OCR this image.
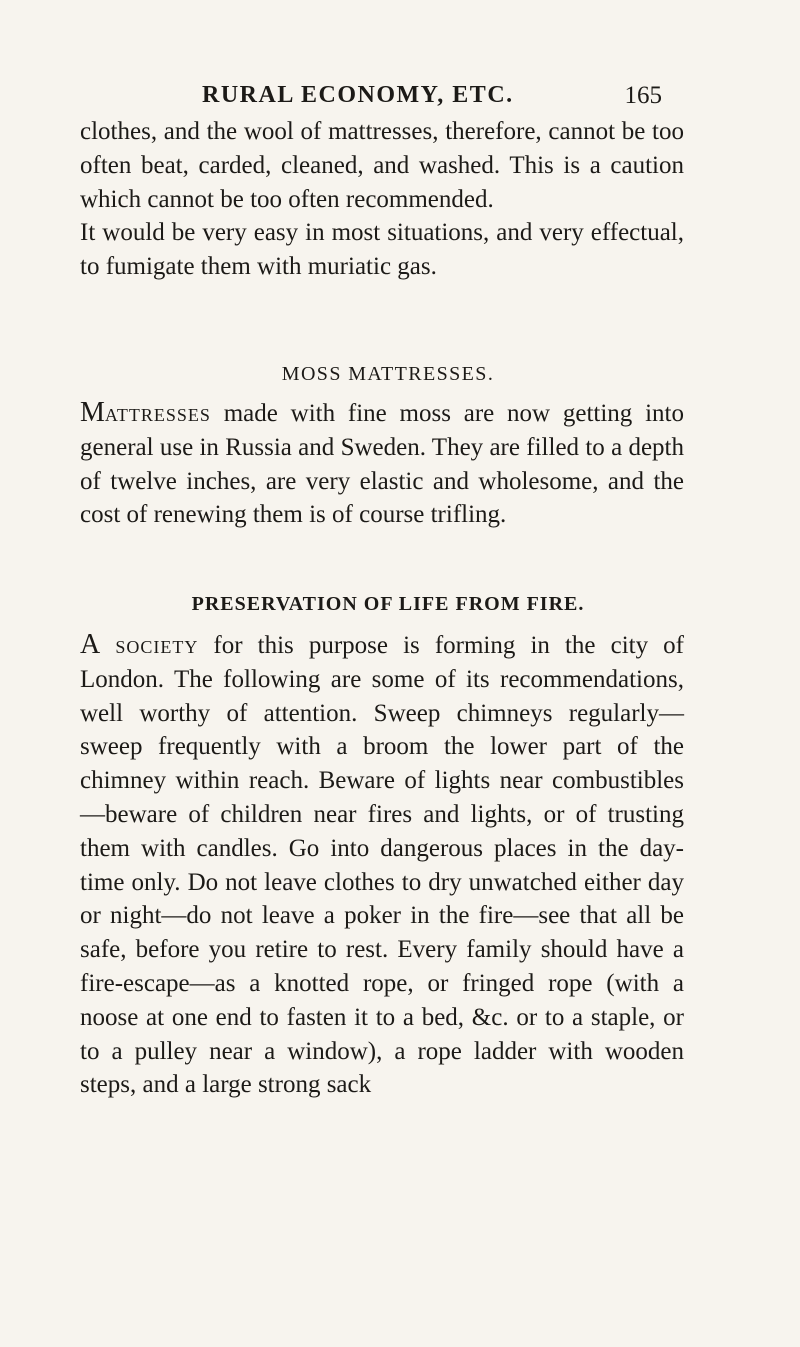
RURAL ECONOMY, ETC.	165

clothes, and the wool of mattresses, therefore, cannot be too often beat, carded, cleaned, and washed. This is a caution which cannot be too often recommended.

It would be very easy in most situations, and very effectual, to fumigate them with muriatic gas.

MOSS MATTRESSES.

Mattresses made with fine moss are now getting into general use in Russia and Sweden. They are filled to a depth of twelve inches, are very elastic and wholesome, and the cost of renewing them is of course trifling.

PRESERVATION OF LIFE FROM FIRE.

A society for this purpose is forming in the city of London. The following are some of its recommendations, well worthy of attention. Sweep chimneys regularly—sweep frequently with a broom the lower part of the chimney within reach. Beware of lights near combustibles—beware of children near fires and lights, or of trusting them with candles. Go into dangerous places in the day-time only. Do not leave clothes to dry unwatched either day or night—do not leave a poker in the fire—see that all be safe, before you retire to rest. Every family should have a fire-escape—as a knotted rope, or fringed rope (with a noose at one end to fasten it to a bed, &c. or to a staple, or to a pulley near a window), a rope ladder with wooden steps, and a large strong sack
